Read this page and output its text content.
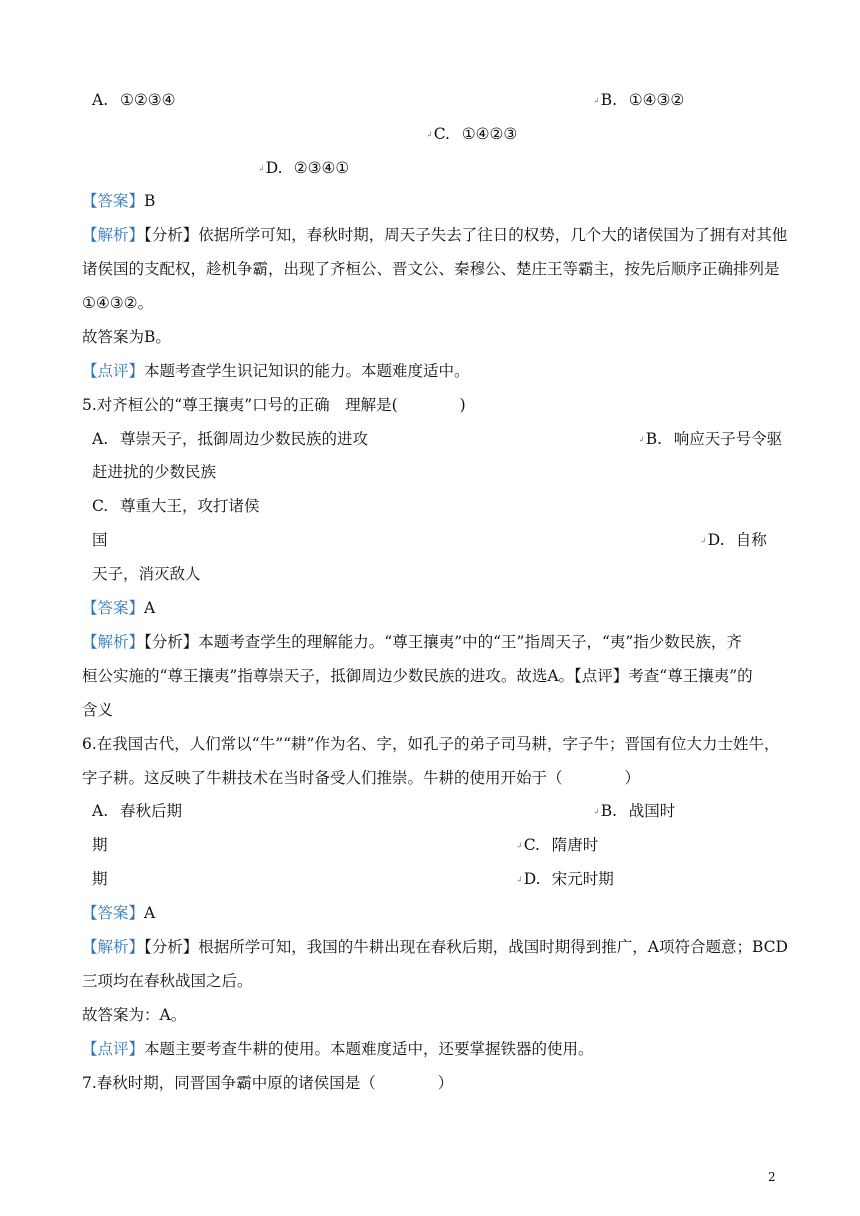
A. ①②③④	↲B. ①④③②
↲C. ①④②③
↲D. ②③④①
【答案】B
【解析】【分析】依据所学可知，春秋时期，周天子失去了往日的权势，几个大的诸侯国为了拥有对其他
诸侯国的支配权，趁机争霸，出现了齐桓公、晋文公、秦穆公、楚庄王等霸主，按先后顺序正确排列是
①④③②。
故答案为B。
【点评】本题考查学生识记知识的能力。本题难度适中。
5.对齐桓公的“尊王攘夷”口号的正确　理解是(　　　　)
A. 尊崇天子，抵御周边少数民族的进攻	↲B. 响应天子号令驱
赶进扰的少数民族
C. 尊重大王，攻打诸侯
国	↲D. 自称
天子，消灭敌人
【答案】A
【解析】【分析】本题考查学生的理解能力。“尊王攘夷”中的“王”指周天子，“夷”指少数民族，齐
桓公实施的“尊王攘夷”指尊崇天子，抵御周边少数民族的进攻。故选A。【点评】考查“尊王攘夷”的
含义
6.在我国古代，人们常以“牛”“耕”作为名、字，如孔子的弟子司马耕，字子牛；晋国有位大力士姓牛，
字子耕。这反映了牛耕技术在当时备受人们推崇。牛耕的使用开始于（　　　　）
A. 春秋后期	↲B. 战国时
期	↲C. 隋唐时
期	↲D. 宋元时期
【答案】A
【解析】【分析】根据所学可知，我国的牛耕出现在春秋后期，战国时期得到推广，A项符合题意；BCD
三项均在春秋战国之后。
故答案为：A。
【点评】本题主要考查牛耕的使用。本题难度适中，还要掌握铁器的使用。
7.春秋时期，同晋国争霸中原的诸侯国是（　　　　）
2
